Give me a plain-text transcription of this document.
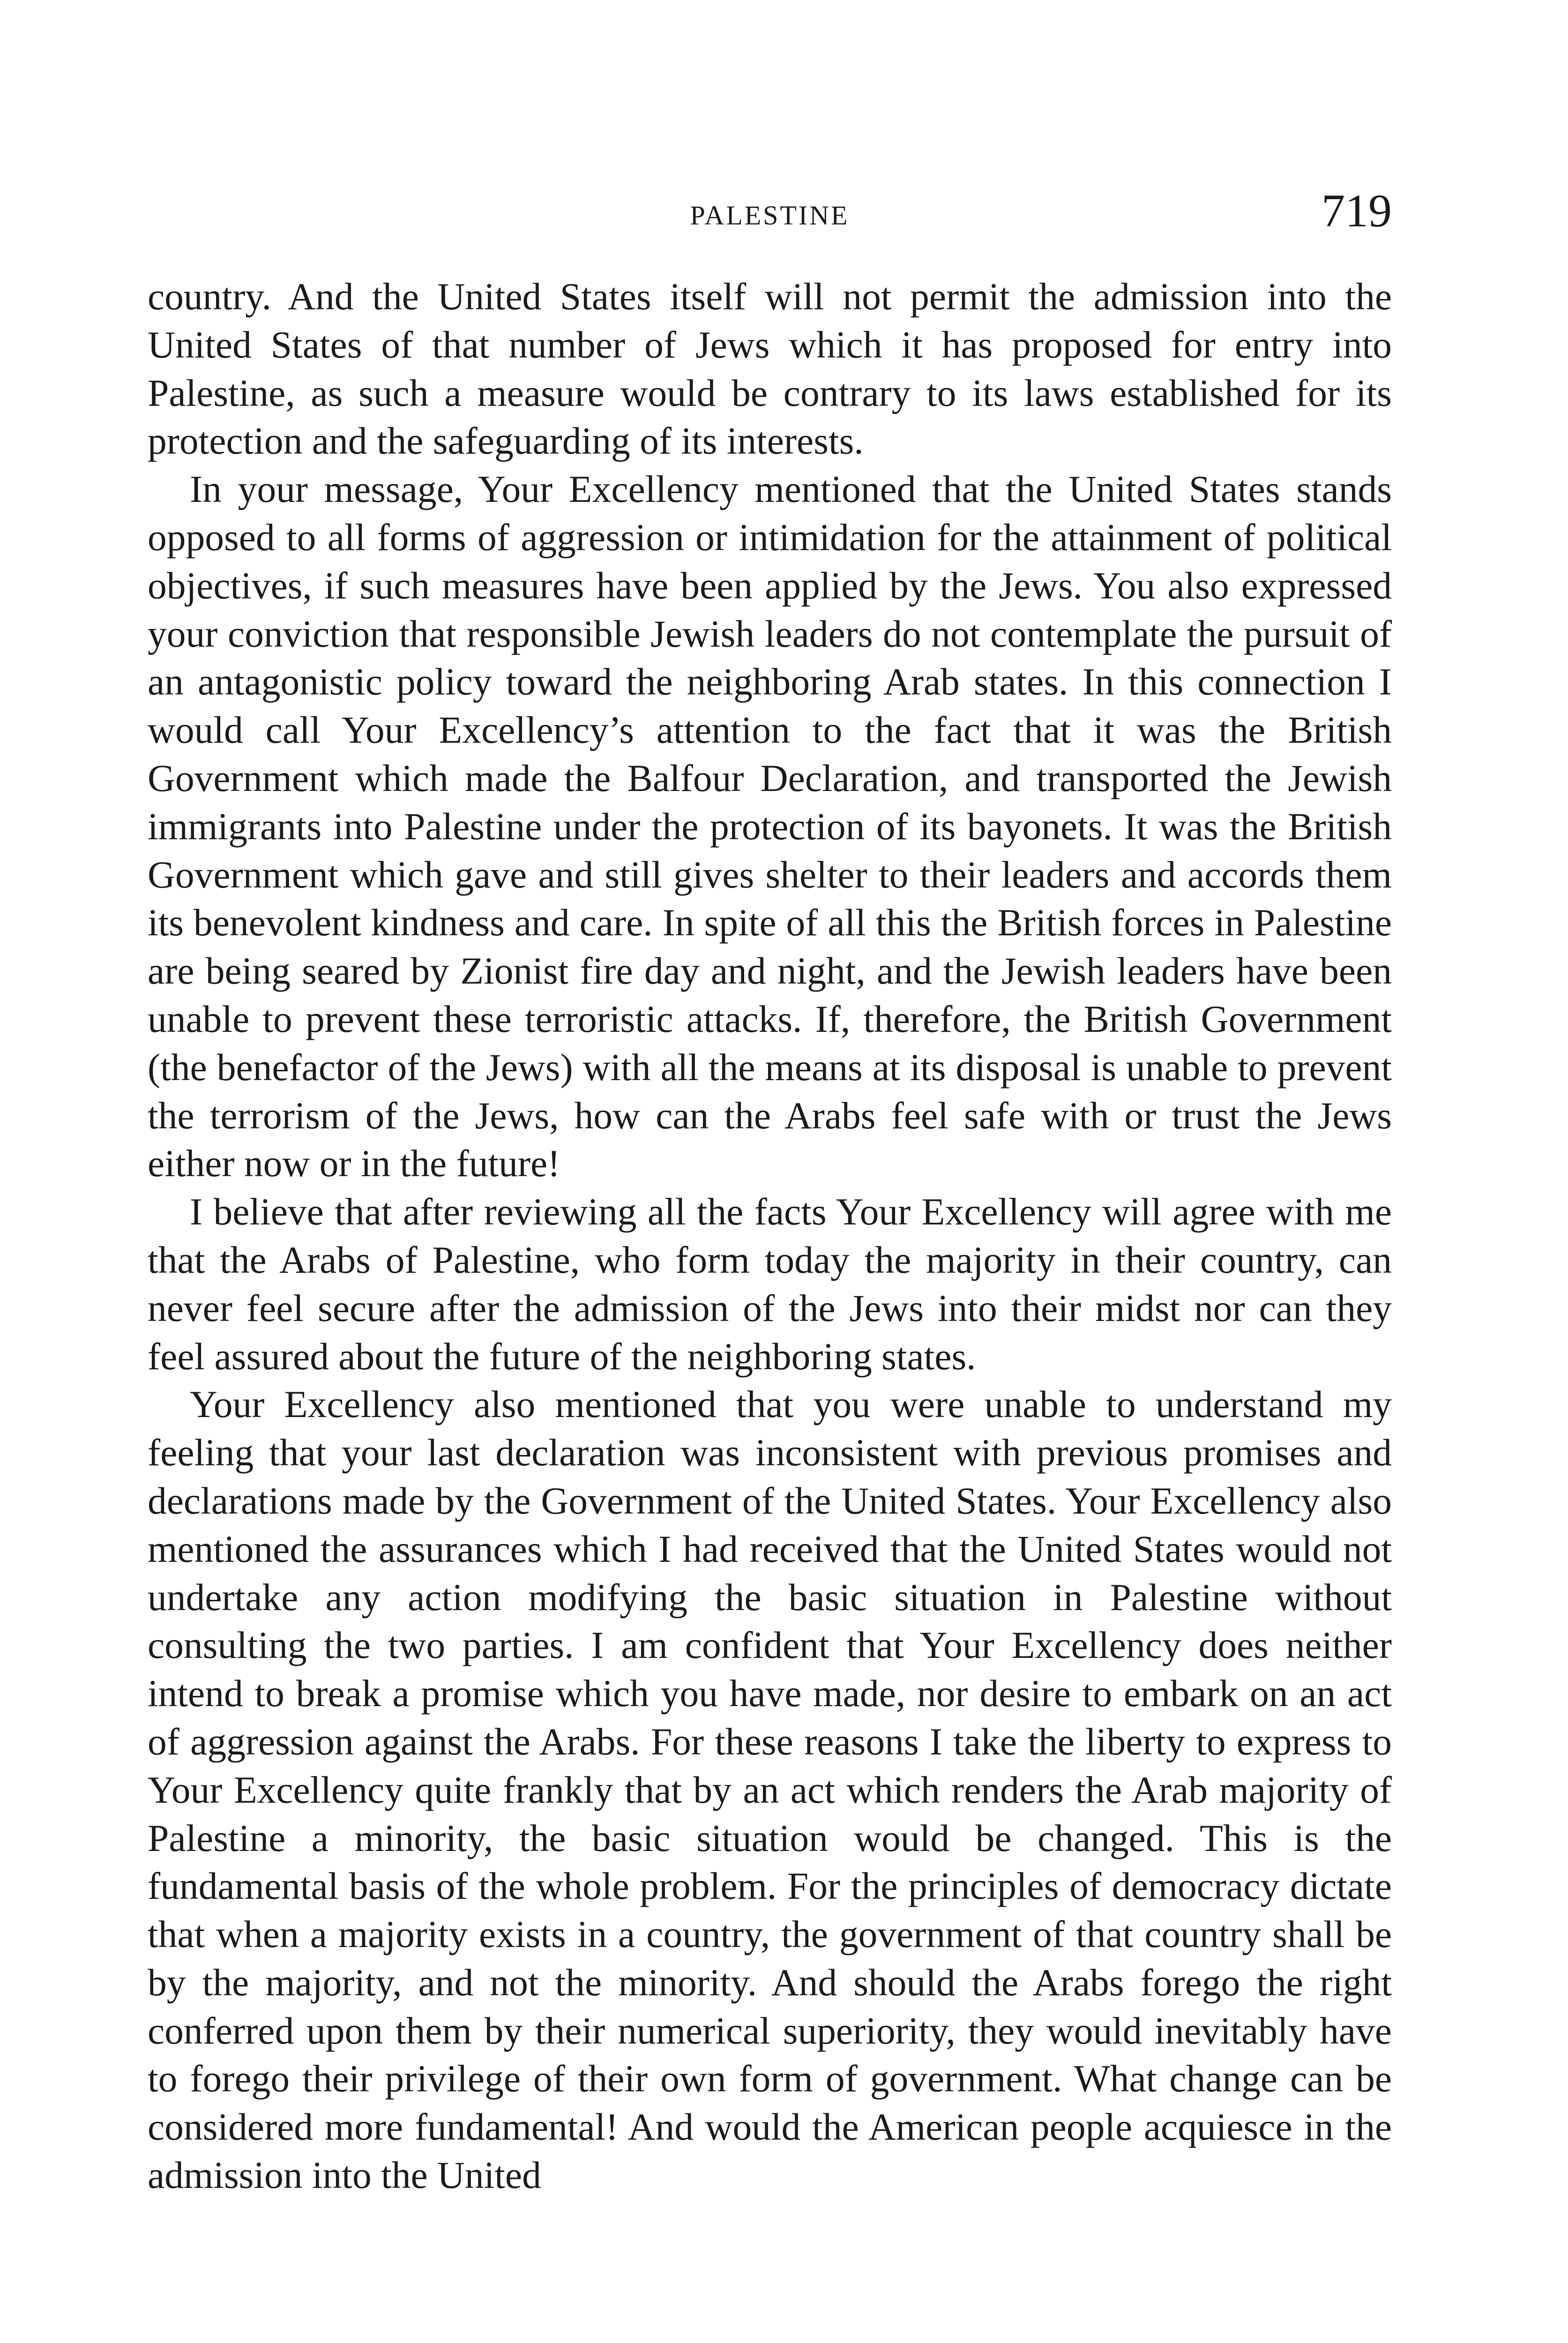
PALESTINE	719

country. And the United States itself will not permit the admission into the United States of that number of Jews which it has proposed for entry into Palestine, as such a measure would be contrary to its laws established for its protection and the safeguarding of its interests.

In your message, Your Excellency mentioned that the United States stands opposed to all forms of aggression or intimidation for the attainment of political objectives, if such measures have been applied by the Jews. You also expressed your conviction that responsible Jewish leaders do not contemplate the pursuit of an antagonistic policy toward the neighboring Arab states. In this connection I would call Your Excellency’s attention to the fact that it was the British Government which made the Balfour Declaration, and transported the Jewish immigrants into Palestine under the protection of its bayonets. It was the British Government which gave and still gives shelter to their leaders and accords them its benevolent kindness and care. In spite of all this the British forces in Palestine are being seared by Zionist fire day and night, and the Jewish leaders have been unable to prevent these terroristic attacks. If, therefore, the British Government (the benefactor of the Jews) with all the means at its disposal is unable to prevent the terrorism of the Jews, how can the Arabs feel safe with or trust the Jews either now or in the future!

I believe that after reviewing all the facts Your Excellency will agree with me that the Arabs of Palestine, who form today the majority in their country, can never feel secure after the admission of the Jews into their midst nor can they feel assured about the future of the neighboring states.

Your Excellency also mentioned that you were unable to understand my feeling that your last declaration was inconsistent with previous promises and declarations made by the Government of the United States. Your Excellency also mentioned the assurances which I had received that the United States would not undertake any action modifying the basic situation in Palestine without consulting the two parties. I am confident that Your Excellency does neither intend to break a promise which you have made, nor desire to embark on an act of aggression against the Arabs. For these reasons I take the liberty to express to Your Excellency quite frankly that by an act which renders the Arab majority of Palestine a minority, the basic situation would be changed. This is the fundamental basis of the whole problem. For the principles of democracy dictate that when a majority exists in a country, the government of that country shall be by the majority, and not the minority. And should the Arabs forego the right conferred upon them by their numerical superiority, they would inevitably have to forego their privilege of their own form of government. What change can be considered more fundamental! And would the American people acquiesce in the admission into the United
